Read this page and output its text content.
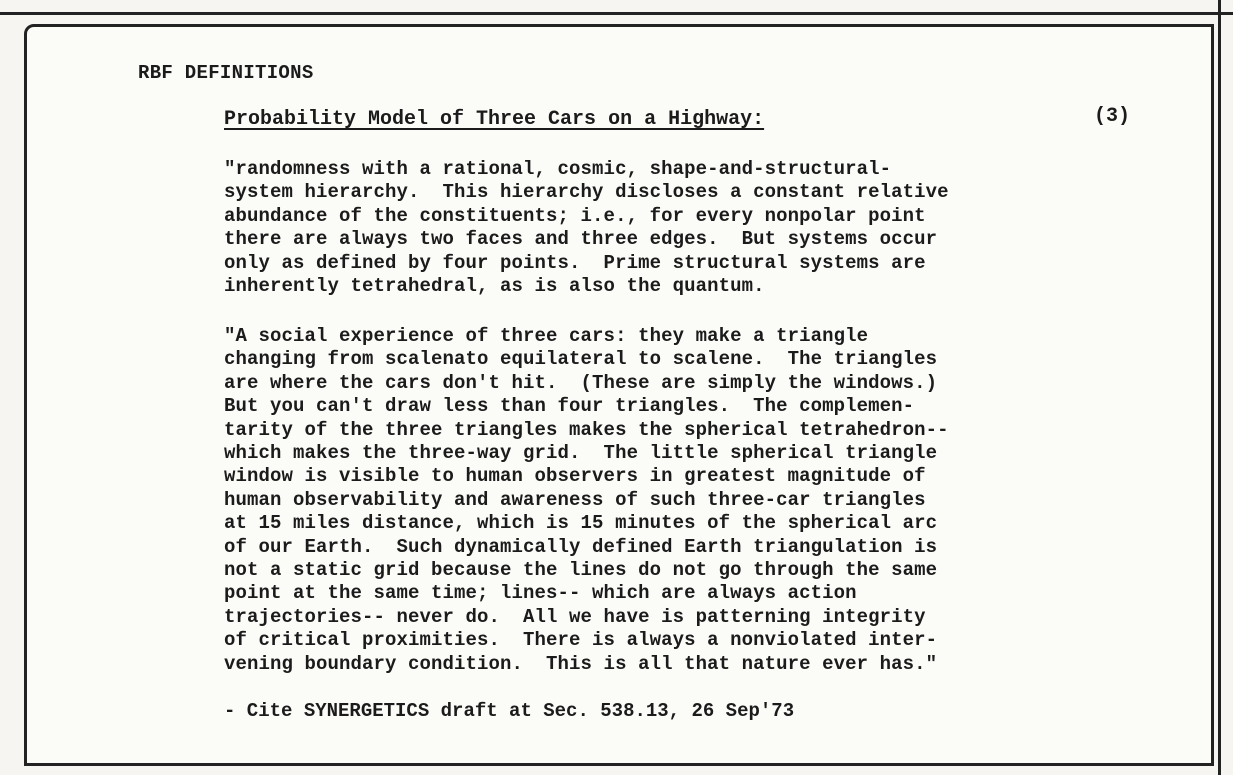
RBF DEFINITIONS
Probability Model of Three Cars on a Highway:	(3)
"randomness with a rational, cosmic, shape-and-structural-
system hierarchy.  This hierarchy discloses a constant relative
abundance of the constituents; i.e., for every nonpolar point
there are always two faces and three edges.  But systems occur
only as defined by four points.  Prime structural systems are
inherently tetrahedral, as is also the quantum.
"A social experience of three cars: they make a triangle
changing from scalenato equilateral to scalene.  The triangles
are where the cars don't hit.  (These are simply the windows.)
But you can't draw less than four triangles.  The complemen-
tarity of the three triangles makes the spherical tetrahedron--
which makes the three-way grid.  The little spherical triangle
window is visible to human observers in greatest magnitude of
human observability and awareness of such three-car triangles
at 15 miles distance, which is 15 minutes of the spherical arc
of our Earth.  Such dynamically defined Earth triangulation is
not a static grid because the lines do not go through the same
point at the same time; lines-- which are always action
trajectories-- never do.  All we have is patterning integrity
of critical proximities.  There is always a nonviolated inter-
vening boundary condition.  This is all that nature ever has."
- Cite SYNERGETICS draft at Sec. 538.13, 26 Sep'73
